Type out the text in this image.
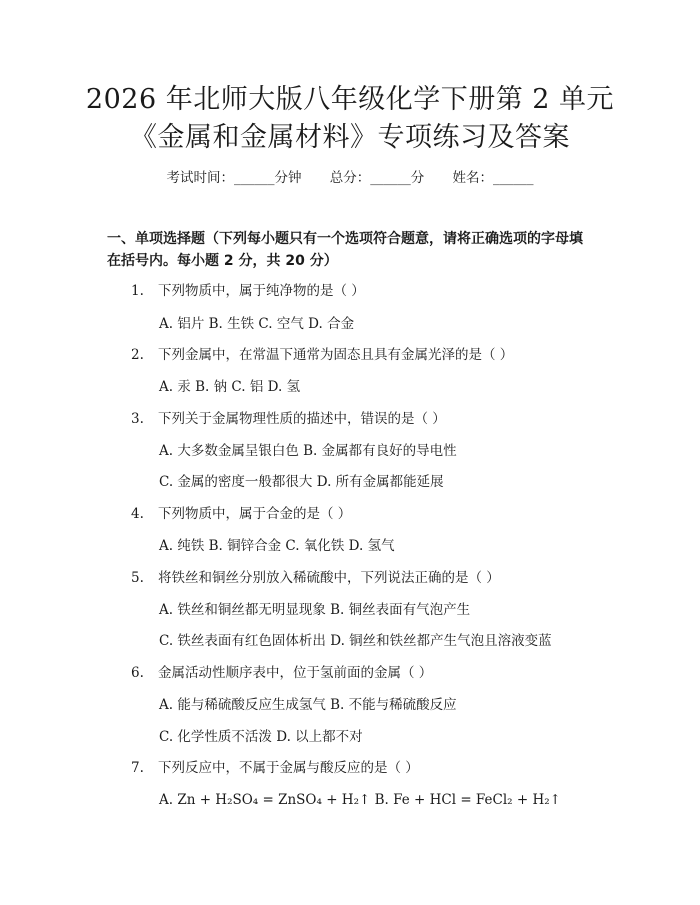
2026 年北师大版八年级化学下册第 2 单元
《金属和金属材料》专项练习及答案
考试时间：______分钟 总分：______分 姓名：______
一、单项选择题（下列每小题只有一个选项符合题意，请将正确选项的字母填在括号内。每小题 2 分，共 20 分）
1. 下列物质中，属于纯净物的是（ ）
A. 铝片 B. 生铁 C. 空气 D. 合金
2. 下列金属中，在常温下通常为固态且具有金属光泽的是（ ）
A. 汞 B. 钠 C. 铝 D. 氢
3. 下列关于金属物理性质的描述中，错误的是（ ）
A. 大多数金属呈银白色 B. 金属都有良好的导电性
C. 金属的密度一般都很大 D. 所有金属都能延展
4. 下列物质中，属于合金的是（ ）
A. 纯铁 B. 铜锌合金 C. 氧化铁 D. 氢气
5. 将铁丝和铜丝分别放入稀硫酸中，下列说法正确的是（ ）
A. 铁丝和铜丝都无明显现象 B. 铜丝表面有气泡产生
C. 铁丝表面有红色固体析出 D. 铜丝和铁丝都产生气泡且溶液变蓝
6. 金属活动性顺序表中，位于氢前面的金属（ ）
A. 能与稀硫酸反应生成氢气 B. 不能与稀硫酸反应
C. 化学性质不活泼 D. 以上都不对
7. 下列反应中，不属于金属与酸反应的是（ ）
A. Zn + H₂SO₄ = ZnSO₄ + H₂↑ B. Fe + HCl = FeCl₂ + H₂↑
